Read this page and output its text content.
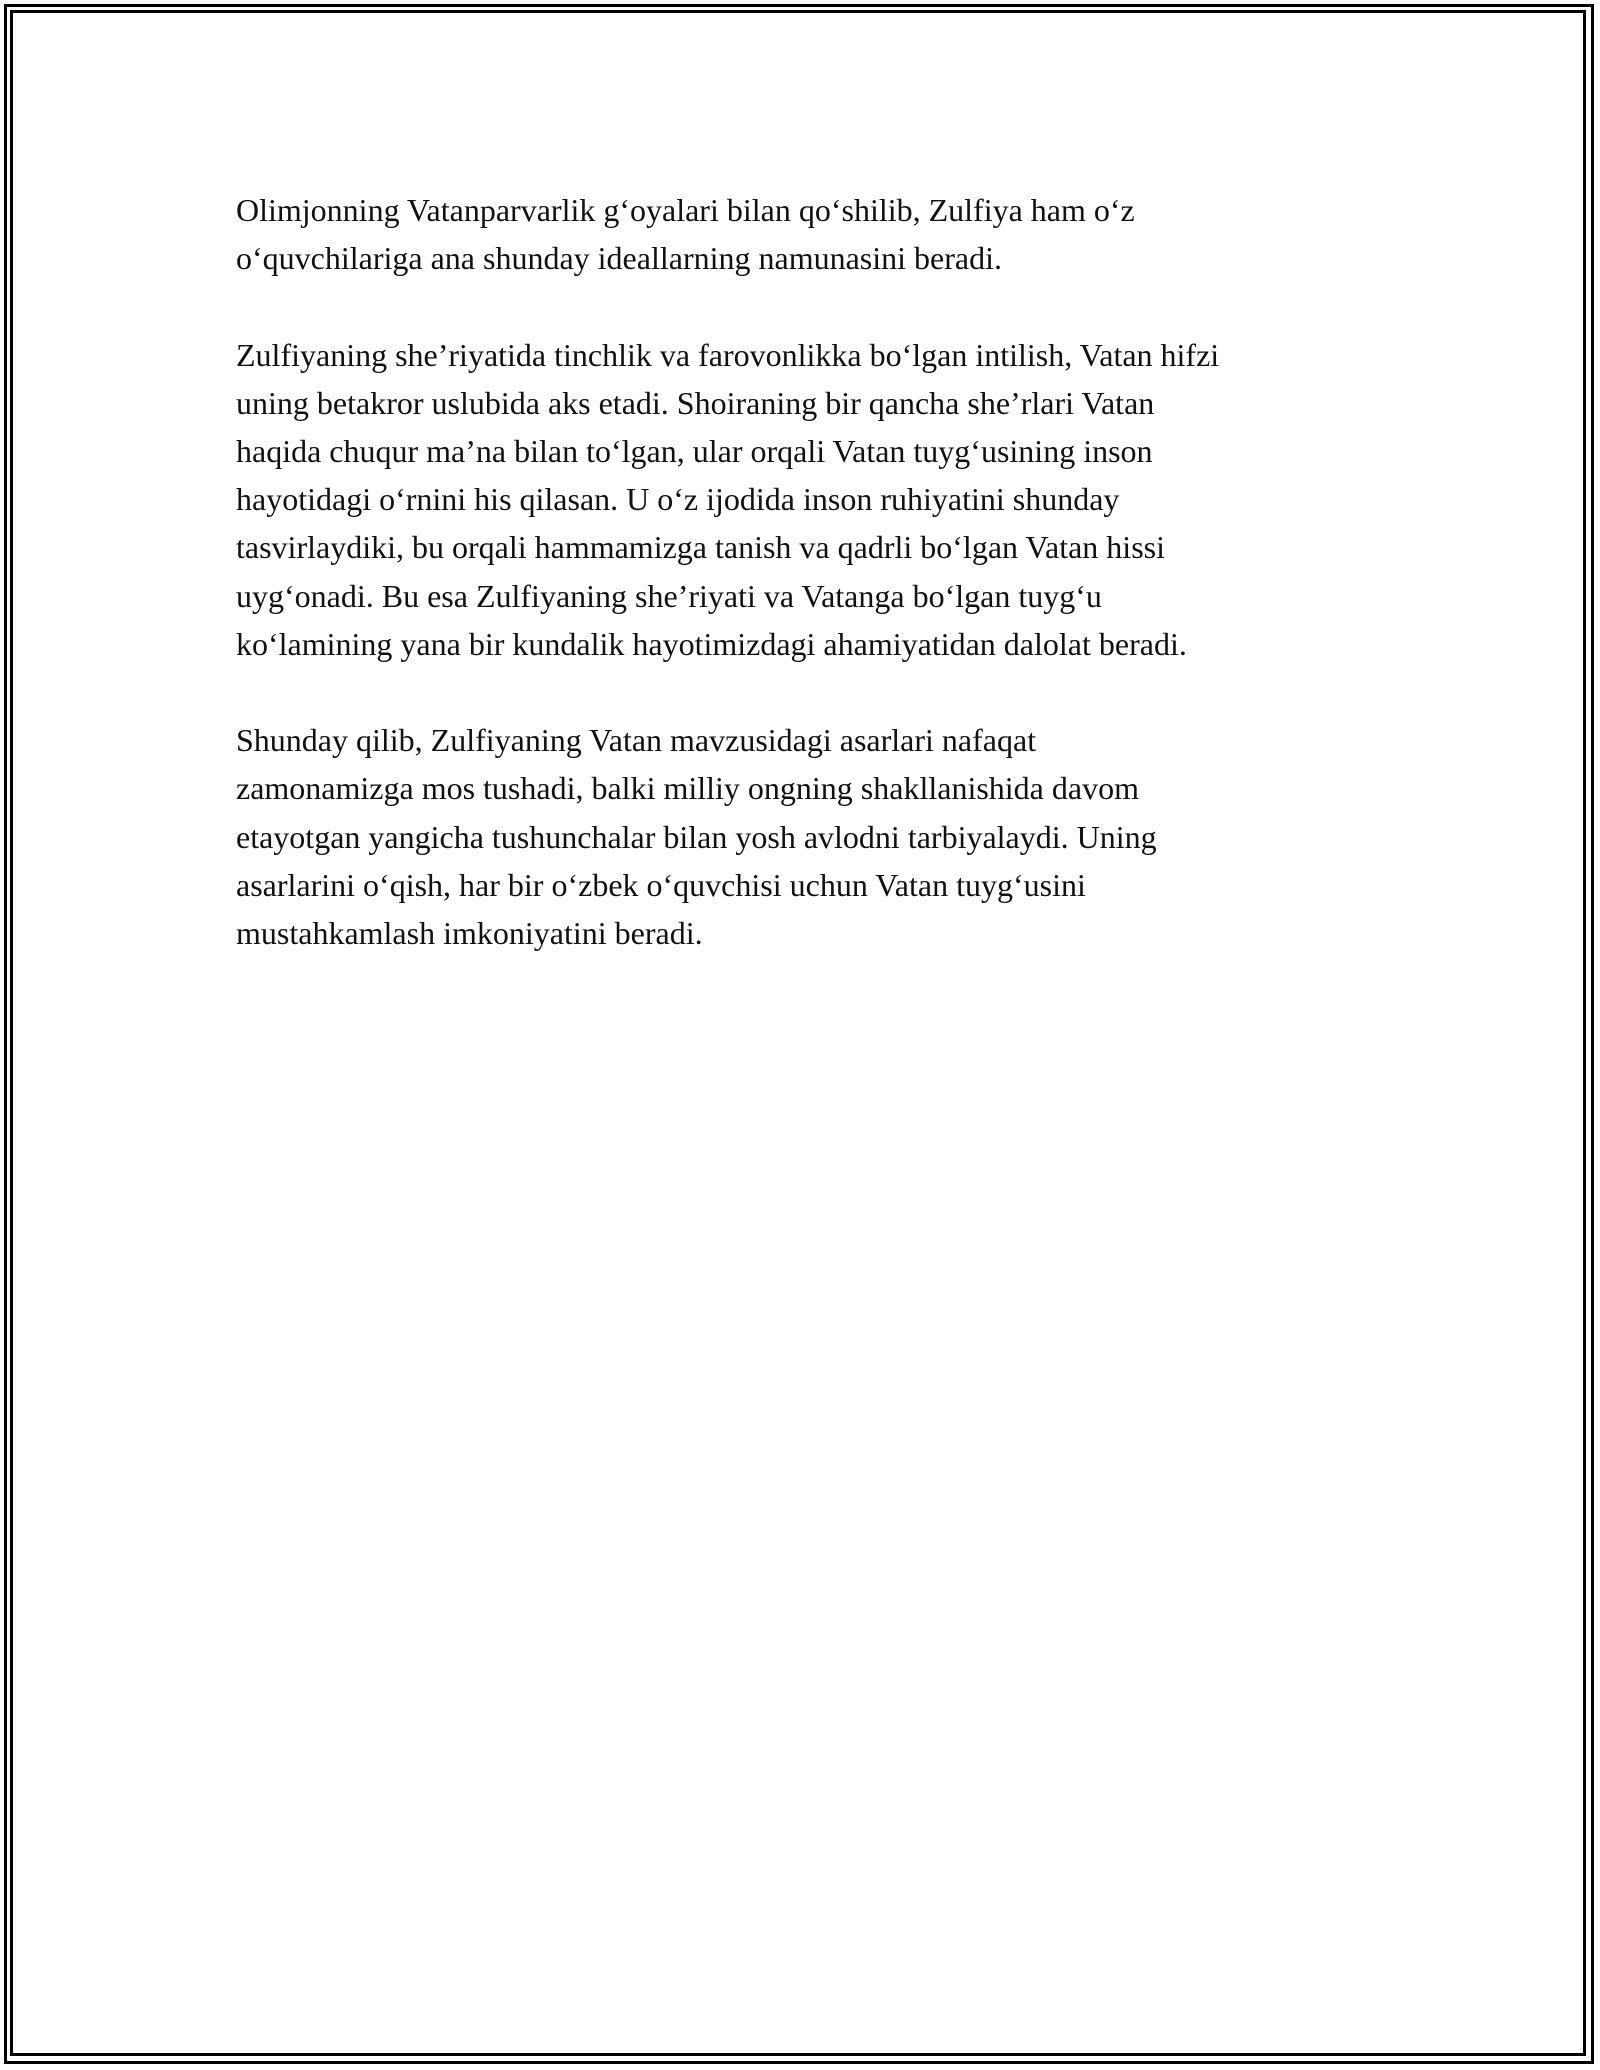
Olimjonning Vatanparvarlik g‘oyalari bilan qo‘shilib, Zulfiya ham o‘z
o‘quvchilariga ana shunday ideallarning namunasini beradi.

Zulfiyaning she’riyatida tinchlik va farovonlikka bo‘lgan intilish, Vatan hifzi
uning betakror uslubida aks etadi. Shoiraning bir qancha she’rlari Vatan
haqida chuqur ma’na bilan to‘lgan, ular orqali Vatan tuyg‘usining inson
hayotidagi o‘rnini his qilasan. U o‘z ijodida inson ruhiyatini shunday
tasvirlaydiki, bu orqali hammamizga tanish va qadrli bo‘lgan Vatan hissi
uyg‘onadi. Bu esa Zulfiyaning she’riyati va Vatanga bo‘lgan tuyg‘u
ko‘lamining yana bir kundalik hayotimizdagi ahamiyatidan dalolat beradi.

Shunday qilib, Zulfiyaning Vatan mavzusidagi asarlari nafaqat
zamonamizga mos tushadi, balki milliy ongning shakllanishida davom
etayotgan yangicha tushunchalar bilan yosh avlodni tarbiyalaydi. Uning
asarlarini o‘qish, har bir o‘zbek o‘quvchisi uchun Vatan tuyg‘usini
mustahkamlash imkoniyatini beradi.
